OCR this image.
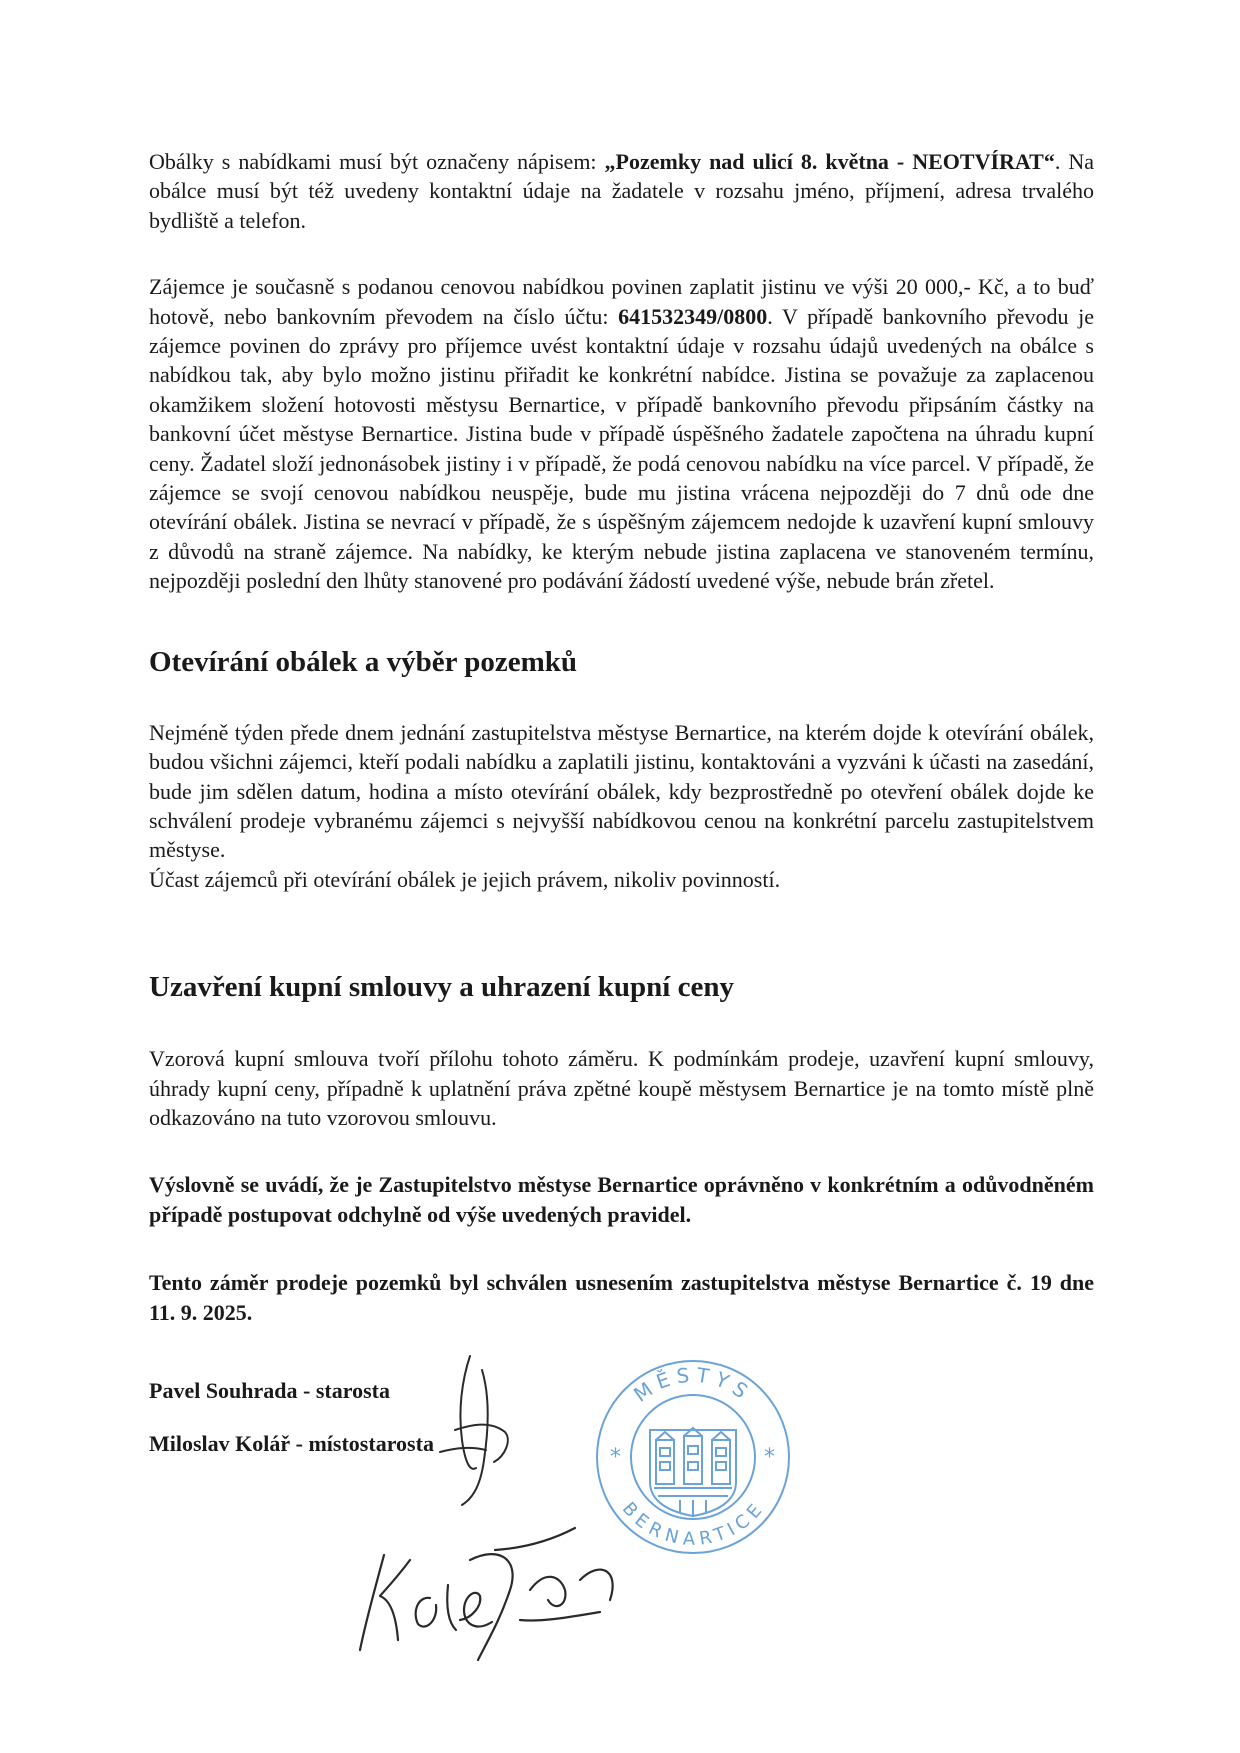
Obálky s nabídkami musí být označeny nápisem: „Pozemky nad ulicí 8. května - NEOTVÍRAT“. Na obálce musí být též uvedeny kontaktní údaje na žadatele v rozsahu jméno, příjmení, adresa trvalého bydliště a telefon.

Zájemce je současně s podanou cenovou nabídkou povinen zaplatit jistinu ve výši 20 000,- Kč, a to buď hotově, nebo bankovním převodem na číslo účtu: 641532349/0800. V případě bankovního převodu je zájemce povinen do zprávy pro příjemce uvést kontaktní údaje v rozsahu údajů uvedených na obálce s nabídkou tak, aby bylo možno jistinu přiřadit ke konkrétní nabídce. Jistina se považuje za zaplacenou okamžikem složení hotovosti městysu Bernartice, v případě bankovního převodu připsáním částky na bankovní účet městyse Bernartice. Jistina bude v případě úspěšného žadatele započtena na úhradu kupní ceny. Žadatel složí jednonásobek jistiny i v případě, že podá cenovou nabídku na více parcel. V případě, že zájemce se svojí cenovou nabídkou neuspěje, bude mu jistina vrácena nejpozději do 7 dnů ode dne otevírání obálek. Jistina se nevrací v případě, že s úspěšným zájemcem nedojde k uzavření kupní smlouvy z důvodů na straně zájemce. Na nabídky, ke kterým nebude jistina zaplacena ve stanoveném termínu, nejpozději poslední den lhůty stanovené pro podávání žádostí uvedené výše, nebude brán zřetel.

Otevírání obálek a výběr pozemků

Nejméně týden přede dnem jednání zastupitelstva městyse Bernartice, na kterém dojde k otevírání obálek, budou všichni zájemci, kteří podali nabídku a zaplatili jistinu, kontaktováni a vyzváni k účasti na zasedání, bude jim sdělen datum, hodina a místo otevírání obálek, kdy bezprostředně po otevření obálek dojde ke schválení prodeje vybranému zájemci s nejvyšší nabídkovou cenou na konkrétní parcelu zastupitelstvem městyse.

Účast zájemců při otevírání obálek je jejich právem, nikoliv povinností.

Uzavření kupní smlouvy a uhrazení kupní ceny

Vzorová kupní smlouva tvoří přílohu tohoto záměru. K podmínkám prodeje, uzavření kupní smlouvy, úhrady kupní ceny, případně k uplatnění práva zpětné koupě městysem Bernartice je na tomto místě plně odkazováno na tuto vzorovou smlouvu.

Výslovně se uvádí, že je Zastupitelstvo městyse Bernartice oprávněno v konkrétním a odůvodněném případě postupovat odchylně od výše uvedených pravidel.

Tento záměr prodeje pozemků byl schválen usnesením zastupitelstva městyse Bernartice č. 19 dne 11. 9. 2025.

Pavel Souhrada - starosta

Miloslav Kolář - místostarosta

MĚSTYS
BERNARTICE
*	*
